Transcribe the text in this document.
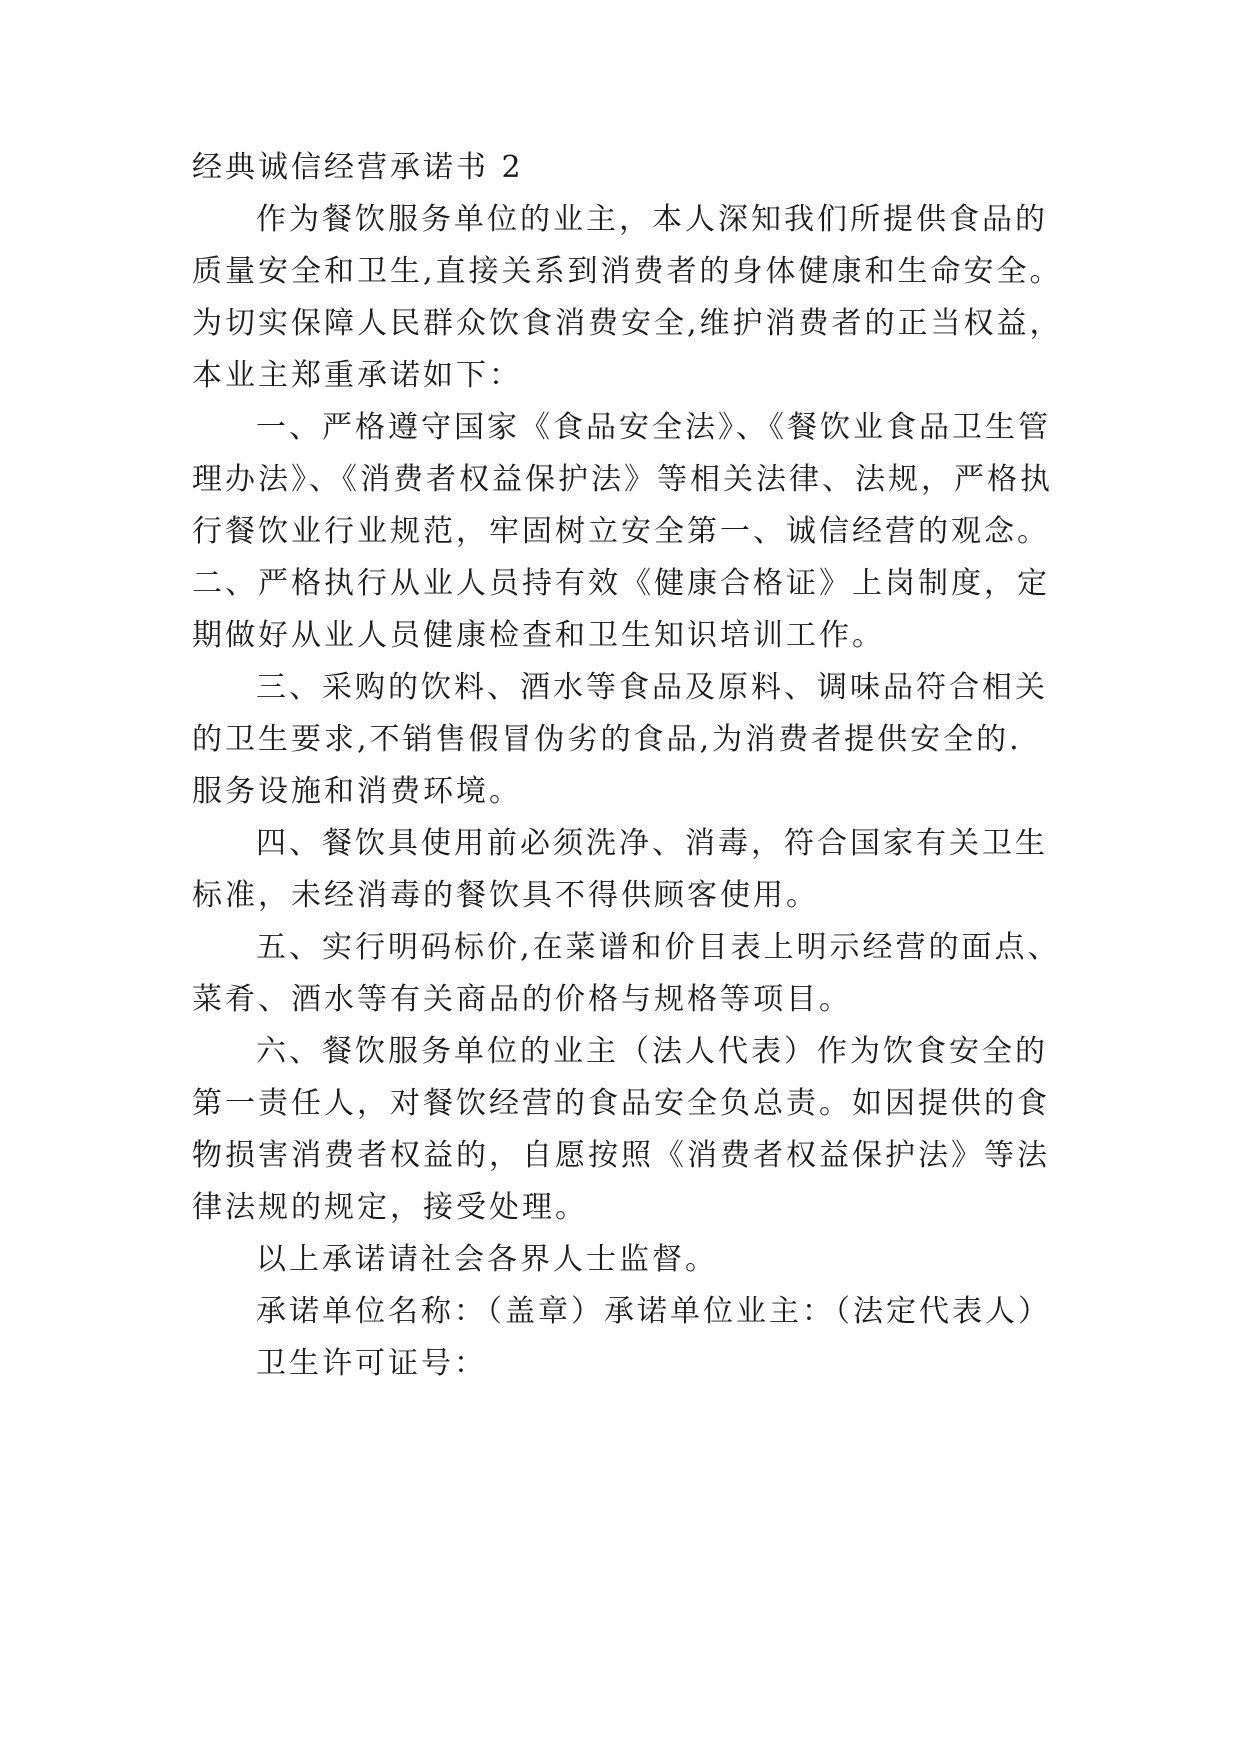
经典诚信经营承诺书 2
作为餐饮服务单位的业主，本人深知我们所提供食品的
质量安全和卫生,直接关系到消费者的身体健康和生命安全。
为切实保障人民群众饮食消费安全,维护消费者的正当权益，
本业主郑重承诺如下：
一、严格遵守国家《食品安全法》、《餐饮业食品卫生管
理办法》、《消费者权益保护法》等相关法律、法规，严格执
行餐饮业行业规范，牢固树立安全第一、诚信经营的观念。
二、严格执行从业人员持有效《健康合格证》上岗制度，定
期做好从业人员健康检查和卫生知识培训工作。
三、采购的饮料、酒水等食品及原料、调味品符合相关
的卫生要求,不销售假冒伪劣的食品,为消费者提供安全的.
服务设施和消费环境。
四、餐饮具使用前必须洗净、消毒，符合国家有关卫生
标准，未经消毒的餐饮具不得供顾客使用。
五、实行明码标价,在菜谱和价目表上明示经营的面点、
菜肴、酒水等有关商品的价格与规格等项目。
六、餐饮服务单位的业主（法人代表）作为饮食安全的
第一责任人，对餐饮经营的食品安全负总责。如因提供的食
物损害消费者权益的，自愿按照《消费者权益保护法》等法
律法规的规定，接受处理。
以上承诺请社会各界人士监督。
承诺单位名称：（盖章）承诺单位业主：（法定代表人）
卫生许可证号：
